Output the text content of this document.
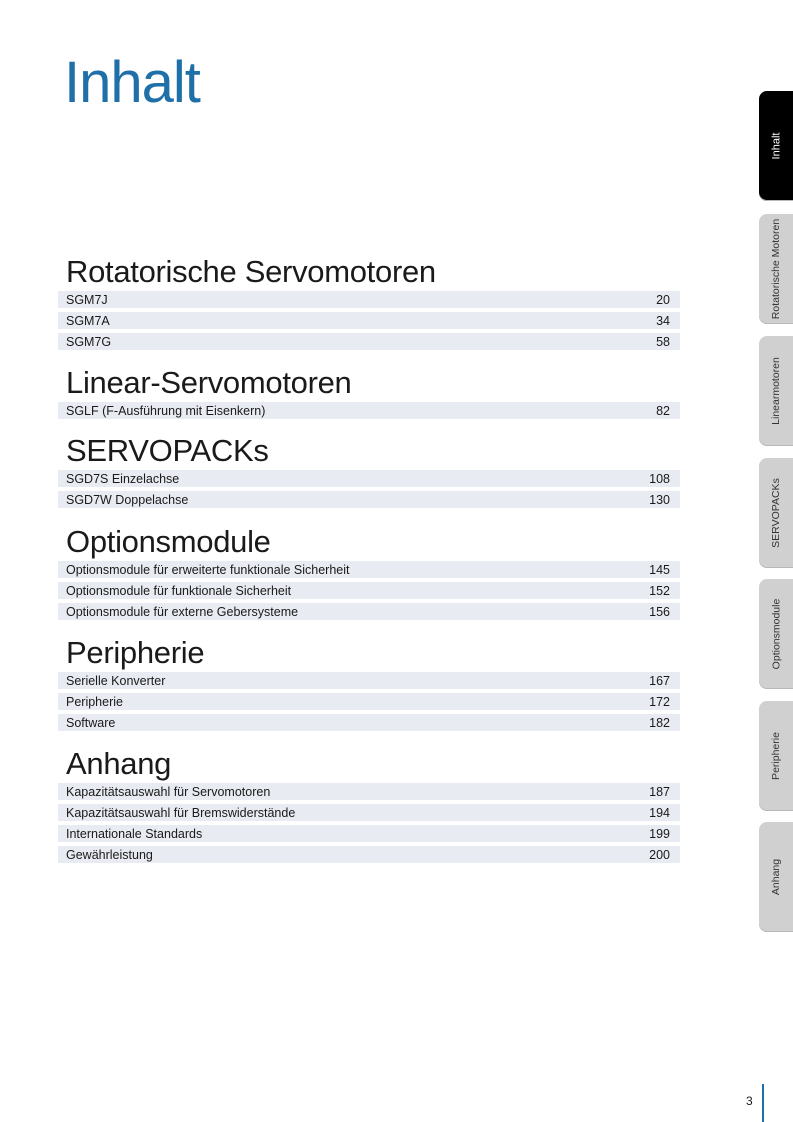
Inhalt
Rotatorische Servomotoren
SGM7J	20
SGM7A	34
SGM7G	58
Linear-Servomotoren
SGLF (F-Ausführung mit Eisenkern)	82
SERVOPACKs
SGD7S Einzelachse	108
SGD7W Doppelachse	130
Optionsmodule
Optionsmodule für erweiterte funktionale Sicherheit	145
Optionsmodule für funktionale Sicherheit	152
Optionsmodule für externe Gebersysteme	156
Peripherie
Serielle Konverter	167
Peripherie	172
Software	182
Anhang
Kapazitätsauswahl für Servomotoren	187
Kapazitätsauswahl für Bremswiderstände	194
Internationale Standards	199
Gewährleistung	200
Inhalt
Rotatorische Motoren
Linearmotoren
SERVOPACKs
Optionsmodule
Peripherie
Anhang
3
